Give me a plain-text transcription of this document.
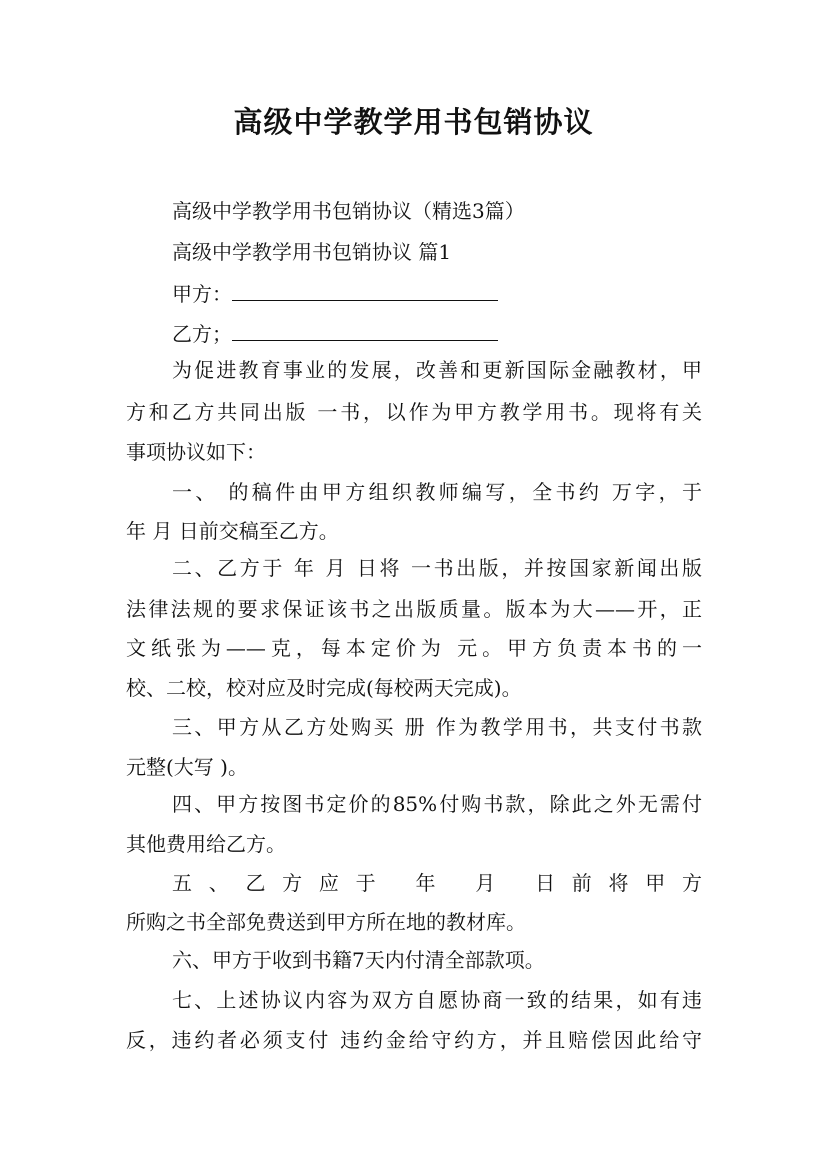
高级中学教学用书包销协议
高级中学教学用书包销协议（精选3篇）
高级中学教学用书包销协议 篇1
甲方：
乙方；
为促进教育事业的发展，改善和更新国际金融教材，甲
方和乙方共同出版 一书，以作为甲方教学用书。现将有关
事项协议如下：
一、 的稿件由甲方组织教师编写，全书约 万字，于
年 月 日前交稿至乙方。
二、乙方于 年 月 日将 一书出版，并按国家新闻出版
法律法规的要求保证该书之出版质量。版本为大——开，正
文纸张为——克，每本定价为 元。甲方负责本书的一
校、二校，校对应及时完成(每校两天完成)。
三、甲方从乙方处购买 册 作为教学用书，共支付书款
元整(大写 )。
四、甲方按图书定价的85%付购书款，除此之外无需付
其他费用给乙方。
五、乙方应于 年 月 日前将甲方
所购之书全部免费送到甲方所在地的教材库。
六、甲方于收到书籍7天内付清全部款项。
七、上述协议内容为双方自愿协商一致的结果，如有违
反，违约者必须支付 违约金给守约方，并且赔偿因此给守
